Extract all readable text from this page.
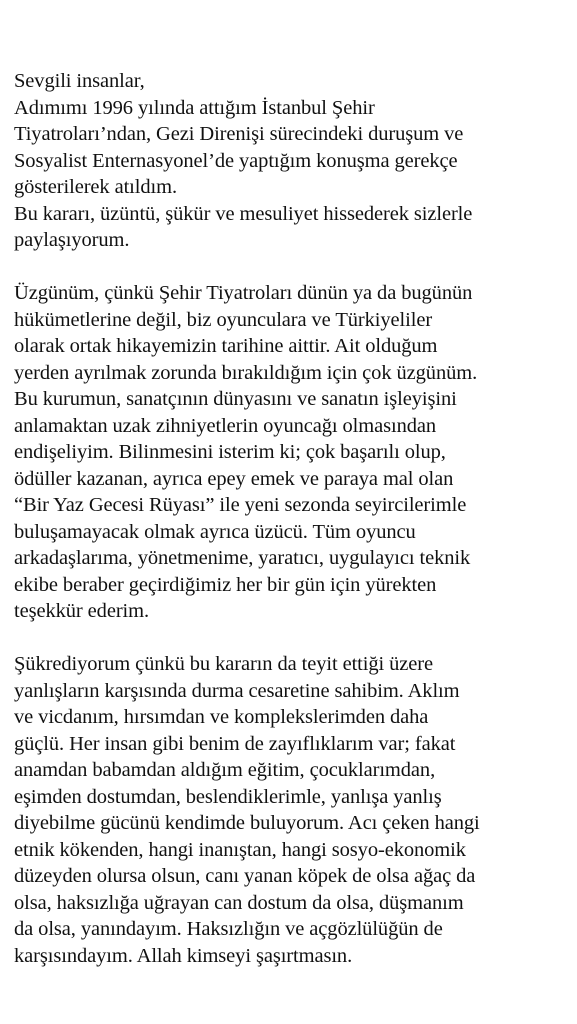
Sevgili insanlar,
Adımımı 1996 yılında attığım İstanbul Şehir
Tiyatroları’ndan, Gezi Direnişi sürecindeki duruşum ve
Sosyalist Enternasyonel’de yaptığım konuşma gerekçe
gösterilerek atıldım.
Bu kararı, üzüntü, şükür ve mesuliyet hissederek sizlerle
paylaşıyorum.

Üzgünüm, çünkü Şehir Tiyatroları dünün ya da bugünün
hükümetlerine değil, biz oyunculara ve Türkiyeliler
olarak ortak hikayemizin tarihine aittir. Ait olduğum
yerden ayrılmak zorunda bırakıldığım için çok üzgünüm.
Bu kurumun, sanatçının dünyasını ve sanatın işleyişini
anlamaktan uzak zihniyetlerin oyuncağı olmasından
endişeliyim. Bilinmesini isterim ki; çok başarılı olup,
ödüller kazanan, ayrıca epey emek ve paraya mal olan
“Bir Yaz Gecesi Rüyası” ile yeni sezonda seyircilerimle
buluşamayacak olmak ayrıca üzücü. Tüm oyuncu
arkadaşlarıma, yönetmenime, yaratıcı, uygulayıcı teknik
ekibe beraber geçirdiğimiz her bir gün için yürekten
teşekkür ederim.

Şükrediyorum çünkü bu kararın da teyit ettiği üzere
yanlışların karşısında durma cesaretine sahibim. Aklım
ve vicdanım, hırsımdan ve komplekslerimden daha
güçlü. Her insan gibi benim de zayıflıklarım var; fakat
anamdan babamdan aldığım eğitim, çocuklarımdan,
eşimden dostumdan, beslendiklerimle, yanlışa yanlış
diyebilme gücünü kendimde buluyorum. Acı çeken hangi
etnik kökenden, hangi inanıştan, hangi sosyo-ekonomik
düzeyden olursa olsun, canı yanan köpek de olsa ağaç da
olsa, haksızlığa uğrayan can dostum da olsa, düşmanım
da olsa, yanındayım. Haksızlığın ve açgözlülüğün de
karşısındayım. Allah kimseyi şaşırtmasın.
